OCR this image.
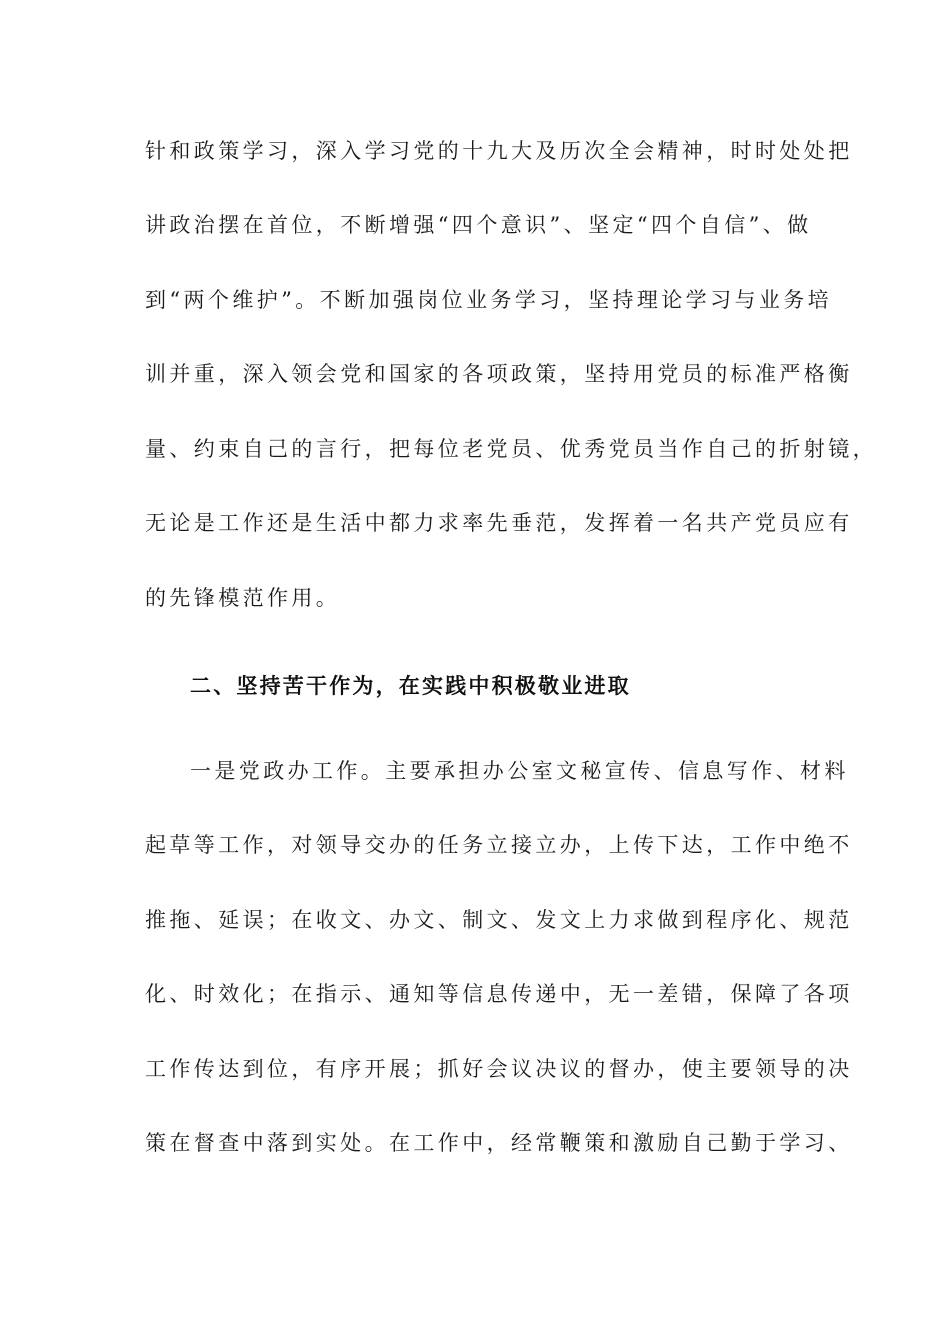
针和政策学习，深入学习党的十九大及历次全会精神，时时处处把
讲政治摆在首位，不断增强“四个意识”、坚定“四个自信”、做
到“两个维护”。不断加强岗位业务学习，坚持理论学习与业务培
训并重，深入领会党和国家的各项政策，坚持用党员的标准严格衡
量、约束自己的言行，把每位老党员、优秀党员当作自己的折射镜，
无论是工作还是生活中都力求率先垂范，发挥着一名共产党员应有
的先锋模范作用。
二、坚持苦干作为，在实践中积极敬业进取
一是党政办工作。主要承担办公室文秘宣传、信息写作、材料
起草等工作，对领导交办的任务立接立办，上传下达，工作中绝不
推拖、延误；在收文、办文、制文、发文上力求做到程序化、规范
化、时效化；在指示、通知等信息传递中，无一差错，保障了各项
工作传达到位，有序开展；抓好会议决议的督办，使主要领导的决
策在督查中落到实处。在工作中，经常鞭策和激励自己勤于学习、
